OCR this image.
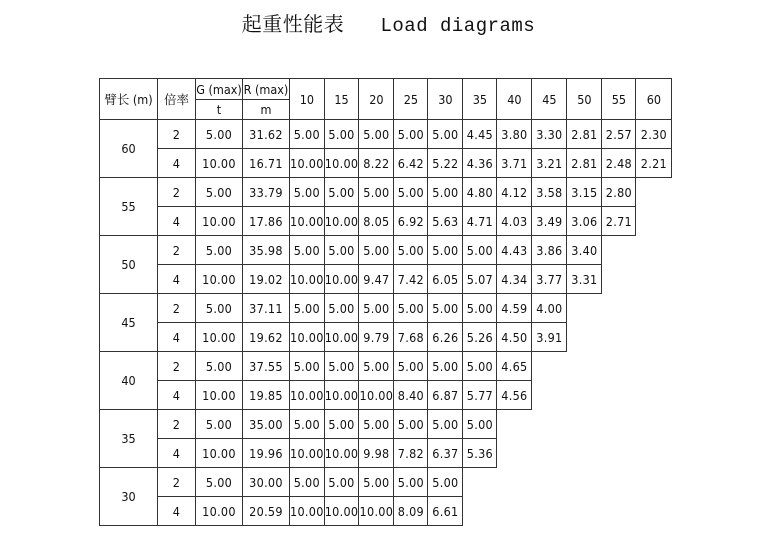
起重性能表 Load diagrams
臂长 (m)	倍率	G (max)	R (max)	10	15	20	25	30	35	40	45	50	55	60
		t	m											
60	2	5.00	31.62	5.00	5.00	5.00	5.00	5.00	4.45	3.80	3.30	2.81	2.57	2.30
	4	10.00	16.71	10.00	10.00	8.22	6.42	5.22	4.36	3.71	3.21	2.81	2.48	2.21
55	2	5.00	33.79	5.00	5.00	5.00	5.00	5.00	4.80	4.12	3.58	3.15	2.80	
	4	10.00	17.86	10.00	10.00	8.05	6.92	5.63	4.71	4.03	3.49	3.06	2.71	
50	2	5.00	35.98	5.00	5.00	5.00	5.00	5.00	5.00	4.43	3.86	3.40		
	4	10.00	19.02	10.00	10.00	9.47	7.42	6.05	5.07	4.34	3.77	3.31		
45	2	5.00	37.11	5.00	5.00	5.00	5.00	5.00	5.00	4.59	4.00			
	4	10.00	19.62	10.00	10.00	9.79	7.68	6.26	5.26	4.50	3.91			
40	2	5.00	37.55	5.00	5.00	5.00	5.00	5.00	5.00	4.65				
	4	10.00	19.85	10.00	10.00	10.00	8.40	6.87	5.77	4.56				
35	2	5.00	35.00	5.00	5.00	5.00	5.00	5.00	5.00					
	4	10.00	19.96	10.00	10.00	9.98	7.82	6.37	5.36					
30	2	5.00	30.00	5.00	5.00	5.00	5.00	5.00						
	4	10.00	20.59	10.00	10.00	10.00	8.09	6.61						
